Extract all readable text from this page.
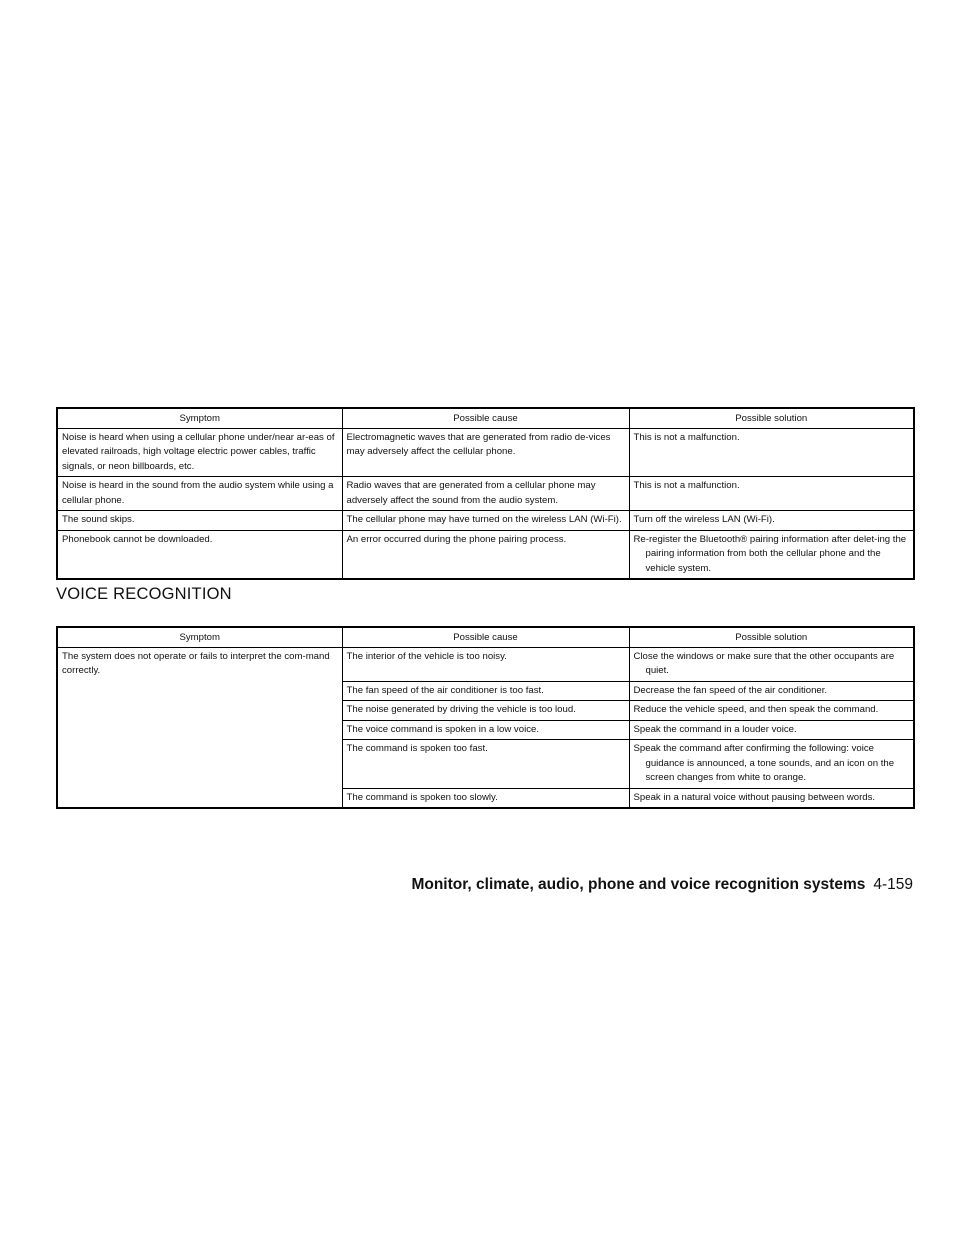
Symptom	Possible cause	Possible solution
Noise is heard when using a cellular phone under/near ar-eas of elevated railroads, high voltage electric power cables, traffic signals, or neon billboards, etc.	Electromagnetic waves that are generated from radio de-vices may adversely affect the cellular phone.	This is not a malfunction.
Noise is heard in the sound from the audio system while using a cellular phone.	Radio waves that are generated from a cellular phone may adversely affect the sound from the audio system.	This is not a malfunction.
The sound skips.	The cellular phone may have turned on the wireless LAN (Wi-Fi).	Turn off the wireless LAN (Wi-Fi).
Phonebook cannot be downloaded.	An error occurred during the phone pairing process.	Re-register the Bluetooth® pairing information after delet-ing the pairing information from both the cellular phone and the vehicle system.
VOICE RECOGNITION
Symptom	Possible cause	Possible solution
The system does not operate or fails to interpret the com-mand correctly.	The interior of the vehicle is too noisy.	Close the windows or make sure that the other occupants are quiet.
	The fan speed of the air conditioner is too fast.	Decrease the fan speed of the air conditioner.
	The noise generated by driving the vehicle is too loud.	Reduce the vehicle speed, and then speak the command.
	The voice command is spoken in a low voice.	Speak the command in a louder voice.
	The command is spoken too fast.	Speak the command after confirming the following: voice guidance is announced, a tone sounds, and an icon on the screen changes from white to orange.
	The command is spoken too slowly.	Speak in a natural voice without pausing between words.
Monitor, climate, audio, phone and voice recognition systems 4-159
